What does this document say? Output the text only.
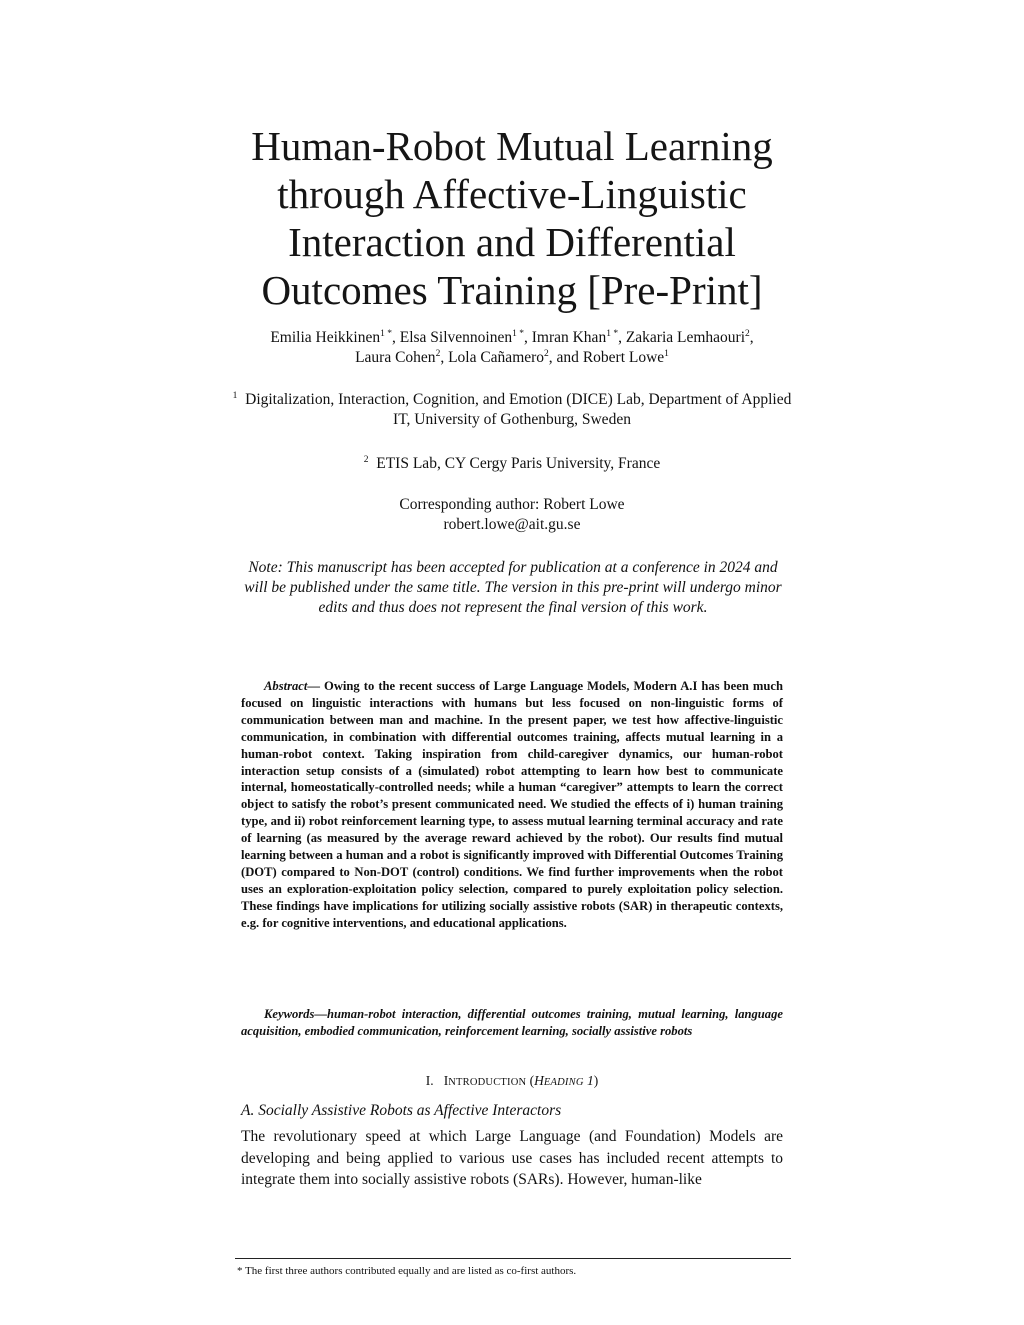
Human-Robot Mutual Learning
through Affective-Linguistic
Interaction and Differential
Outcomes Training [Pre-Print]
Emilia Heikkinen$^{1 *}$, Elsa Silvennoinen$^{1 *}$, Imran Khan$^{1 *}$, Zakaria Lemhaouri$^2$,
Laura Cohen$^2$, Lola Cañamero$^2$, and Robert Lowe$^1$
$^1$ Digitalization, Interaction, Cognition, and Emotion (DICE) Lab, Department of Applied IT, University of Gothenburg, Sweden
$^2$ ETIS Lab, CY Cergy Paris University, France
Corresponding author: Robert Lowe
robert.lowe@ait.gu.se
Note: This manuscript has been accepted for publication at a conference in 2024 and will be published under the same title. The version in this pre-print will undergo minor edits and thus does not represent the final version of this work.

Abstract— Owing to the recent success of Large Language Models, Modern A.I has been much focused on linguistic interactions with humans but less focused on non-linguistic forms of communication between man and machine. In the present paper, we test how affective-linguistic communication, in combination with differential outcomes training, affects mutual learning in a human-robot context. Taking inspiration from child-caregiver dynamics, our human-robot interaction setup consists of a (simulated) robot attempting to learn how best to communicate internal, homeostatically-controlled needs; while a human “caregiver” attempts to learn the correct object to satisfy the robot’s present communicated need. We studied the effects of i) human training type, and ii) robot reinforcement learning type, to assess mutual learning terminal accuracy and rate of learning (as measured by the average reward achieved by the robot). Our results find mutual learning between a human and a robot is significantly improved with Differential Outcomes Training (DOT) compared to Non-DOT (control) conditions. We find further improvements when the robot uses an exploration-exploitation policy selection, compared to purely exploitation policy selection. These findings have implications for utilizing socially assistive robots (SAR) in therapeutic contexts, e.g. for cognitive interventions, and educational applications.

Keywords—human-robot interaction, differential outcomes training, mutual learning, language acquisition, embodied communication, reinforcement learning, socially assistive robots

I. INTRODUCTION (HEADING 1)
A. Socially Assistive Robots as Affective Interactors

The revolutionary speed at which Large Language (and Foundation) Models are developing and being applied to various use cases has included recent attempts to integrate them into socially assistive robots (SARs). However, human-like

* The first three authors contributed equally and are listed as co-first authors.
